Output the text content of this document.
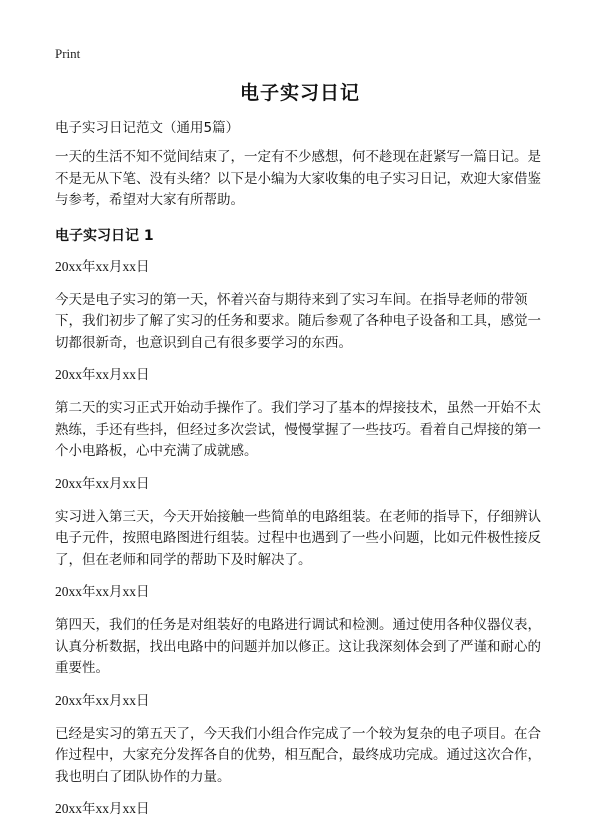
Print
电子实习日记

电子实习日记范文（通用5篇）

一天的生活不知不觉间结束了，一定有不少感想，何不趁现在赶紧写一篇日记。是不是无从下笔、没有头绪？以下是小编为大家收集的电子实习日记，欢迎大家借鉴与参考，希望对大家有所帮助。

电子实习日记 1

20xx年xx月xx日

今天是电子实习的第一天，怀着兴奋与期待来到了实习车间。在指导老师的带领下，我们初步了解了实习的任务和要求。随后参观了各种电子设备和工具，感觉一切都很新奇，也意识到自己有很多要学习的东西。

20xx年xx月xx日

第二天的实习正式开始动手操作了。我们学习了基本的焊接技术，虽然一开始不太熟练，手还有些抖，但经过多次尝试，慢慢掌握了一些技巧。看着自己焊接的第一个小电路板，心中充满了成就感。

20xx年xx月xx日

实习进入第三天，今天开始接触一些简单的电路组装。在老师的指导下，仔细辨认电子元件，按照电路图进行组装。过程中也遇到了一些小问题，比如元件极性接反了，但在老师和同学的帮助下及时解决了。

20xx年xx月xx日

第四天，我们的任务是对组装好的电路进行调试和检测。通过使用各种仪器仪表，认真分析数据，找出电路中的问题并加以修正。这让我深刻体会到了严谨和耐心的重要性。

20xx年xx月xx日

已经是实习的第五天了，今天我们小组合作完成了一个较为复杂的电子项目。在合作过程中，大家充分发挥各自的优势，相互配合，最终成功完成。通过这次合作，我也明白了团队协作的力量。

20xx年xx月xx日
